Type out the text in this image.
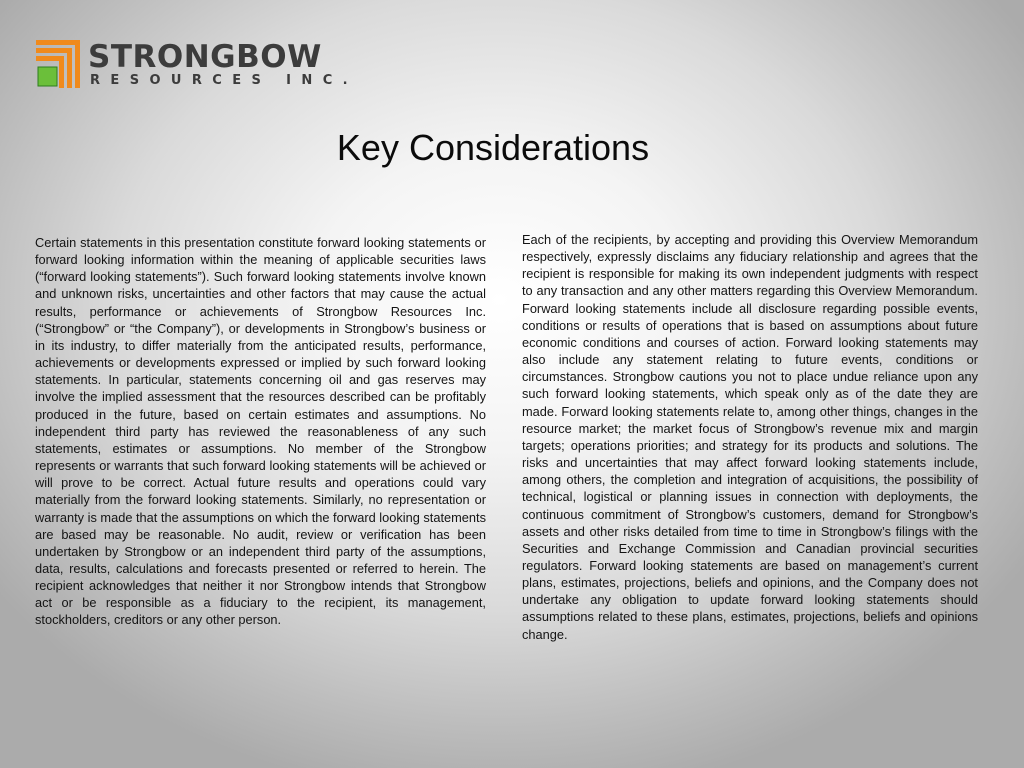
STRONGBOW
RESOURCES INC.
Key Considerations

Certain statements in this presentation constitute forward looking statements or forward looking information within the meaning of applicable securities laws (“forward looking statements”). Such forward looking statements involve known and unknown risks, uncertainties and other factors that may cause the actual results, performance or achievements of Strongbow Resources Inc.(“Strongbow” or “the Company”), or developments in Strongbow’s business or in its industry, to differ materially from the anticipated results, performance, achievements or developments expressed or implied by such forward looking statements. In particular, statements concerning oil and gas reserves may involve the implied assessment that the resources described can be profitably produced in the future, based on certain estimates and assumptions. No independent third party has reviewed the reasonableness of any such statements, estimates or assumptions. No member of the Strongbow represents or warrants that such forward looking statements will be achieved or will prove to be correct. Actual future results and operations could vary materially from the forward looking statements. Similarly, no representation or warranty is made that the assumptions on which the forward looking statements are based may be reasonable. No audit, review or verification has been undertaken by Strongbow or an independent third party of the assumptions, data, results, calculations and forecasts presented or referred to herein. The recipient acknowledges that neither it nor Strongbow intends that Strongbow act or be responsible as a fiduciary to the recipient, its management, stockholders, creditors or any other person.

Each of the recipients, by accepting and providing this Overview Memorandum respectively, expressly disclaims any fiduciary relationship and agrees that the recipient is responsible for making its own independent judgments with respect to any transaction and any other matters regarding this Overview Memorandum. Forward looking statements include all disclosure regarding possible events, conditions or results of operations that is based on assumptions about future economic conditions and courses of action. Forward looking statements may also include any statement relating to future events, conditions or circumstances. Strongbow cautions you not to place undue reliance upon any such forward looking statements, which speak only as of the date they are made. Forward looking statements relate to, among other things, changes in the resource market; the market focus of Strongbow’s revenue mix and margin targets; operations priorities; and strategy for its products and solutions. The risks and uncertainties that may affect forward looking statements include, among others, the completion and integration of acquisitions, the possibility of technical, logistical or planning issues in connection with deployments, the continuous commitment of Strongbow’s customers, demand for Strongbow’s assets and other risks detailed from time to time in Strongbow’s filings with the Securities and Exchange Commission and Canadian provincial securities regulators. Forward looking statements are based on management’s current plans, estimates, projections, beliefs and opinions, and the Company does not undertake any obligation to update forward looking statements should assumptions related to these plans, estimates, projections, beliefs and opinions change.
